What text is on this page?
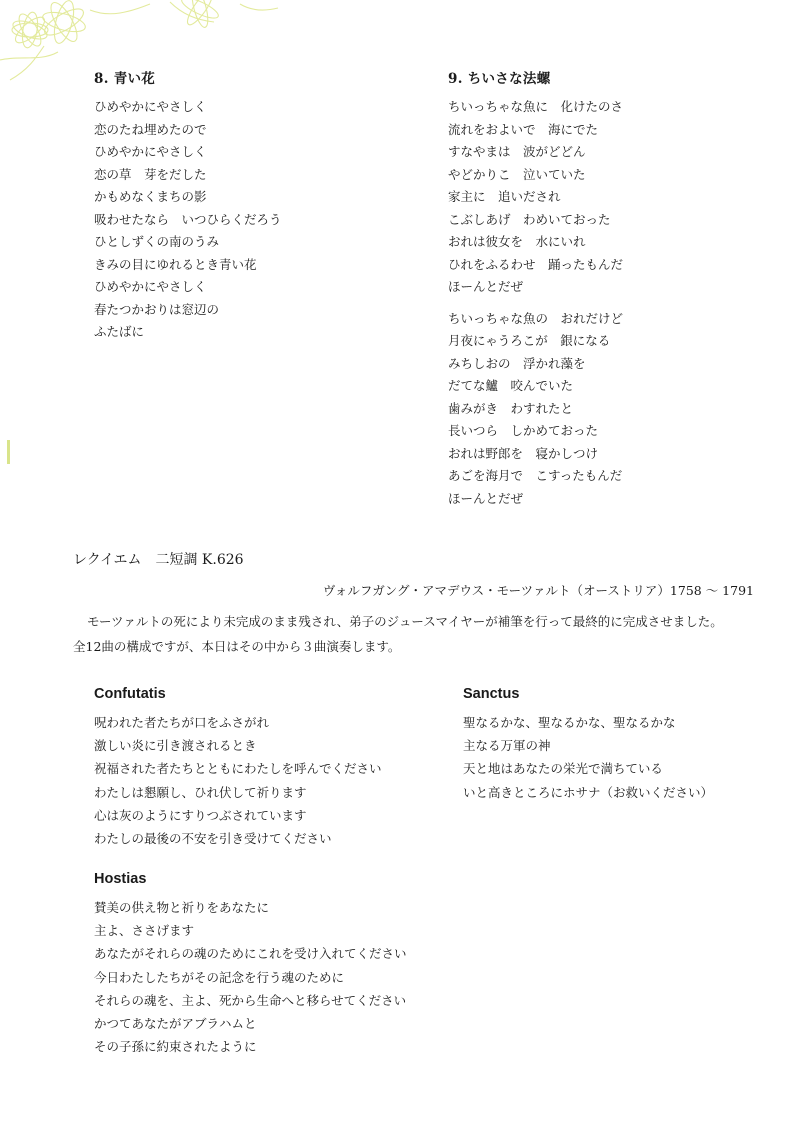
8. 青い花
ひめやかにやさしく
恋のたね埋めたので
ひめやかにやさしく
恋の草　芽をだした
かもめなくまちの影
吸わせたなら　いつひらくだろう
ひとしずくの南のうみ
きみの目にゆれるとき青い花
ひめやかにやさしく
春たつかおりは窓辺の
ふたばに
9. ちいさな法螺
ちいっちゃな魚に　化けたのさ
流れをおよいで　海にでた
すなやまは　波がどどん
やどかりこ　泣いていた
家主に　追いだされ
こぶしあげ　わめいておった
おれは彼女を　水にいれ
ひれをふるわせ　踊ったもんだ
ほーんとだぜ
ちいっちゃな魚の　おれだけど
月夜にゃうろこが　銀になる
みちしおの　浮かれ藻を
だてな鱸　咬んでいた
歯みがき　わすれたと
長いつら　しかめておった
おれは野郎を　寝かしつけ
あごを海月で　こすったもんだ
ほーんとだぜ
レクイエム　二短調 K.626
ヴォルフガング・アマデウス・モーツァルト（オーストリア）1758 〜 1791

モーツァルトの死により未完成のまま残され、弟子のジュースマイヤーが補筆を行って最終的に完成させました。

全12曲の構成ですが、本日はその中から３曲演奏します。

Confutatis
呪われた者たちが口をふさがれ
激しい炎に引き渡されるとき
祝福された者たちとともにわたしを呼んでください
わたしは懇願し、ひれ伏して祈ります
心は灰のようにすりつぶされています
わたしの最後の不安を引き受けてください
Sanctus
聖なるかな、聖なるかな、聖なるかな
主なる万軍の神
天と地はあなたの栄光で満ちている
いと高きところにホサナ（お救いください）
Hostias
賛美の供え物と祈りをあなたに
主よ、ささげます
あなたがそれらの魂のためにこれを受け入れてください
今日わたしたちがその記念を行う魂のために
それらの魂を、主よ、死から生命へと移らせてください
かつてあなたがアブラハムと
その子孫に約束されたように
